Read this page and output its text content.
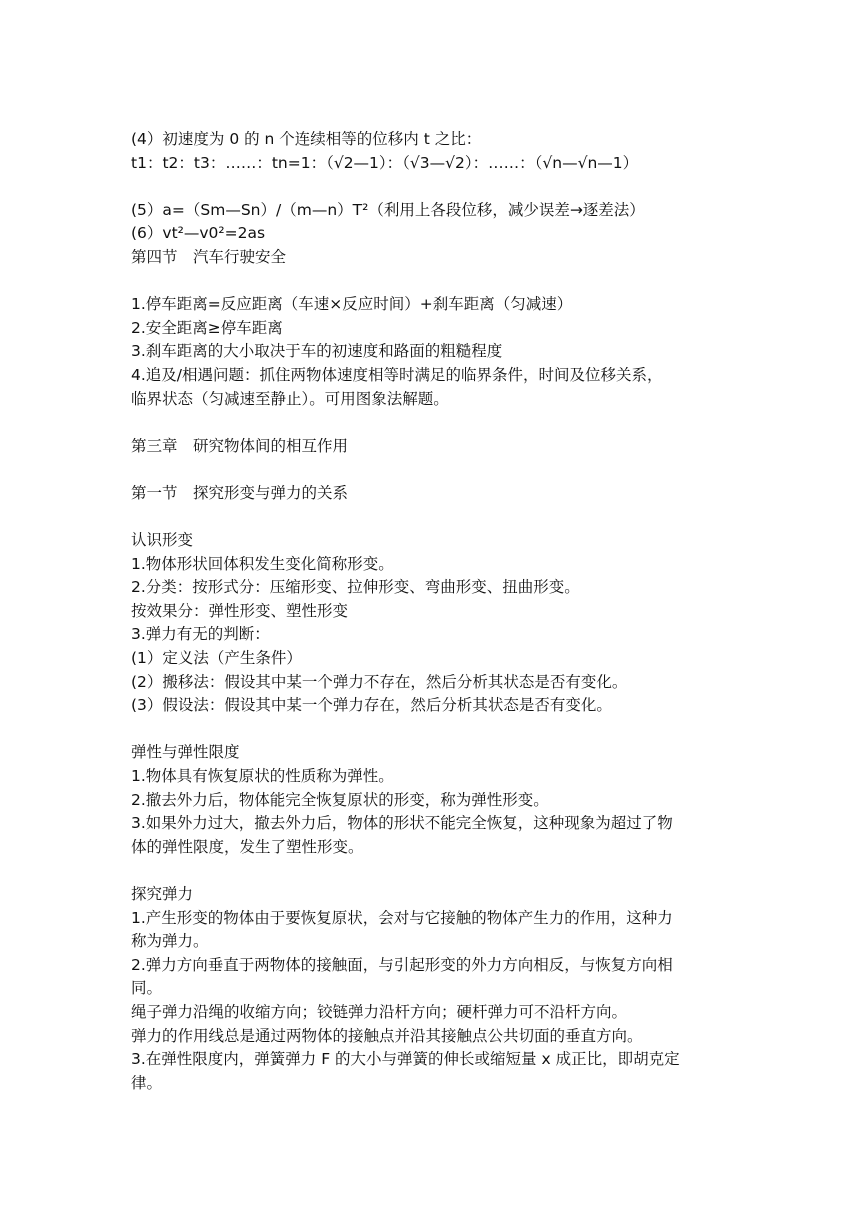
(4）初速度为 0 的 n 个连续相等的位移内 t 之比：
t1：t2：t3：……：tn=1：（√2—1）：（√3—√2）：……：（√n—√n—1）
(5）a=（Sm—Sn）/（m—n）T²（利用上各段位移，减少误差→逐差法）
(6）vt²—v0²=2as
第四节　汽车行驶安全
1.停车距离=反应距离（车速×反应时间）+刹车距离（匀减速）
2.安全距离≥停车距离
3.刹车距离的大小取决于车的初速度和路面的粗糙程度
4.追及/相遇问题：抓住两物体速度相等时满足的临界条件，时间及位移关系，
临界状态（匀减速至静止）。可用图象法解题。
第三章　研究物体间的相互作用
第一节　探究形变与弹力的关系
认识形变
1.物体形状回体积发生变化简称形变。
2.分类：按形式分：压缩形变、拉伸形变、弯曲形变、扭曲形变。
按效果分：弹性形变、塑性形变
3.弹力有无的判断：
(1）定义法（产生条件）
(2）搬移法：假设其中某一个弹力不存在，然后分析其状态是否有变化。
(3）假设法：假设其中某一个弹力存在，然后分析其状态是否有变化。
弹性与弹性限度
1.物体具有恢复原状的性质称为弹性。
2.撤去外力后，物体能完全恢复原状的形变，称为弹性形变。
3.如果外力过大，撤去外力后，物体的形状不能完全恢复，这种现象为超过了物
体的弹性限度，发生了塑性形变。
探究弹力
1.产生形变的物体由于要恢复原状，会对与它接触的物体产生力的作用，这种力
称为弹力。
2.弹力方向垂直于两物体的接触面，与引起形变的外力方向相反，与恢复方向相
同。
绳子弹力沿绳的收缩方向；铰链弹力沿杆方向；硬杆弹力可不沿杆方向。
弹力的作用线总是通过两物体的接触点并沿其接触点公共切面的垂直方向。
3.在弹性限度内，弹簧弹力 F 的大小与弹簧的伸长或缩短量 x 成正比，即胡克定
律。
